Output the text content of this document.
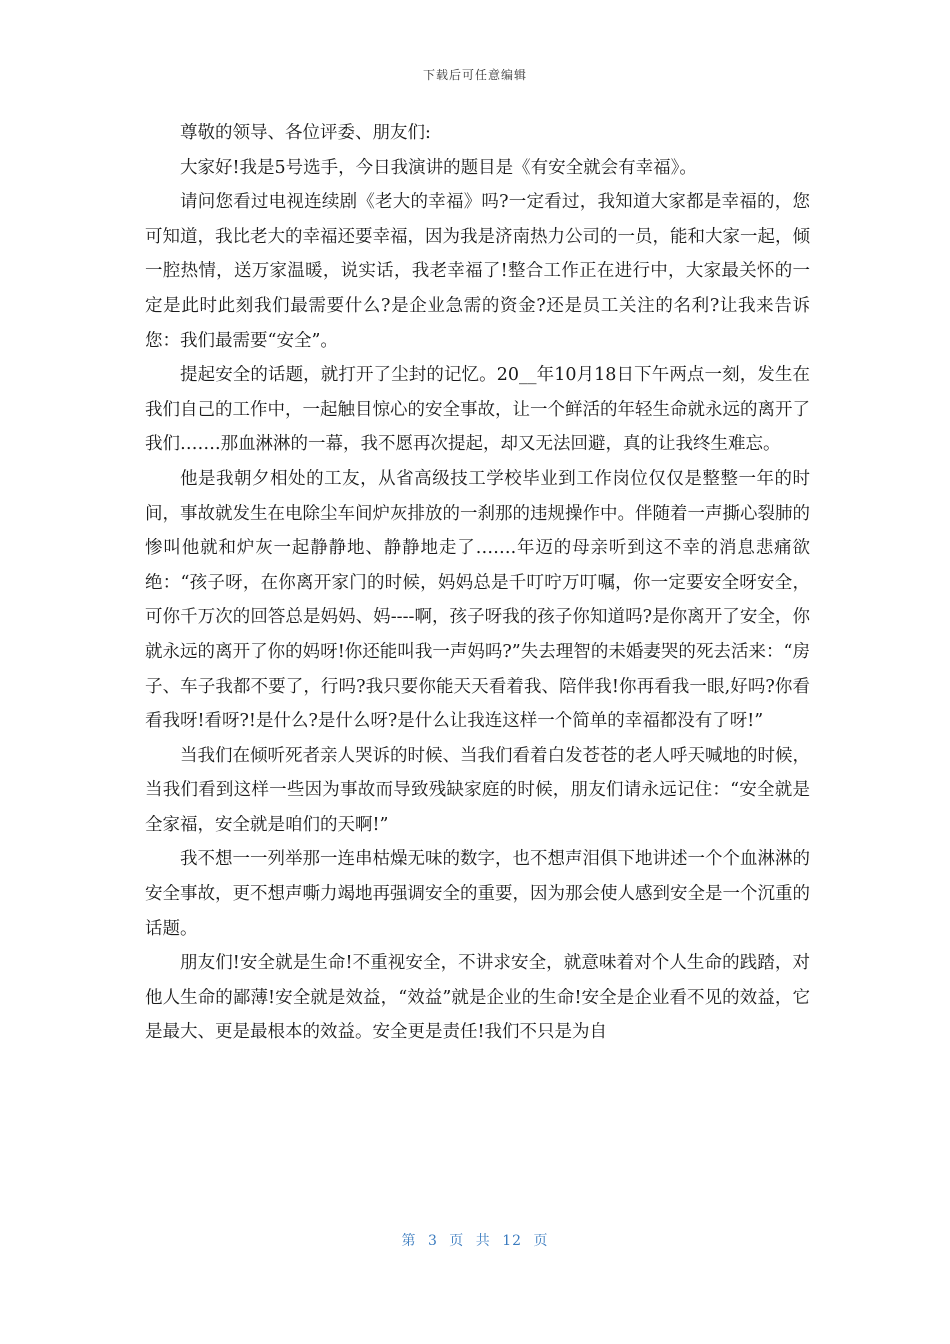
下载后可任意编辑

尊敬的领导、各位评委、朋友们:

大家好!我是5号选手，今日我演讲的题目是《有安全就会有幸福》。

请问您看过电视连续剧《老大的幸福》吗?一定看过，我知道大家都是幸福的，您可知道，我比老大的幸福还要幸福，因为我是济南热力公司的一员，能和大家一起，倾一腔热情，送万家温暖，说实话，我老幸福了!整合工作正在进行中，大家最关怀的一定是此时此刻我们最需要什么?是企业急需的资金?还是员工关注的名利?让我来告诉您：我们最需要“安全”。

提起安全的话题，就打开了尘封的记忆。20__年10月18日下午两点一刻，发生在我们自己的工作中，一起触目惊心的安全事故，让一个鲜活的年轻生命就永远的离开了我们…….那血淋淋的一幕，我不愿再次提起，却又无法回避，真的让我终生难忘。

他是我朝夕相处的工友，从省高级技工学校毕业到工作岗位仅仅是整整一年的时间，事故就发生在电除尘车间炉灰排放的一刹那的违规操作中。伴随着一声撕心裂肺的惨叫他就和炉灰一起静静地、静静地走了…….年迈的母亲听到这不幸的消息悲痛欲绝：“孩子呀，在你离开家门的时候，妈妈总是千叮咛万叮嘱，你一定要安全呀安全，可你千万次的回答总是妈妈、妈----啊，孩子呀我的孩子你知道吗?是你离开了安全，你就永远的离开了你的妈呀!你还能叫我一声妈吗?”失去理智的未婚妻哭的死去活来：“房子、车子我都不要了，行吗?我只要你能天天看着我、陪伴我!你再看我一眼,好吗?你看看我呀!看呀?!是什么?是什么呀?是什么让我连这样一个简单的幸福都没有了呀!”

当我们在倾听死者亲人哭诉的时候、当我们看着白发苍苍的老人呼天喊地的时候，当我们看到这样一些因为事故而导致残缺家庭的时候，朋友们请永远记住：“安全就是全家福，安全就是咱们的天啊!”

我不想一一列举那一连串枯燥无味的数字，也不想声泪俱下地讲述一个个血淋淋的安全事故，更不想声嘶力竭地再强调安全的重要，因为那会使人感到安全是一个沉重的话题。

朋友们!安全就是生命!不重视安全，不讲求安全，就意味着对个人生命的践踏，对他人生命的鄙薄!安全就是效益，“效益”就是企业的生命!安全是企业看不见的效益，它是最大、更是最根本的效益。安全更是责任!我们不只是为自

第 3 页 共 12 页
